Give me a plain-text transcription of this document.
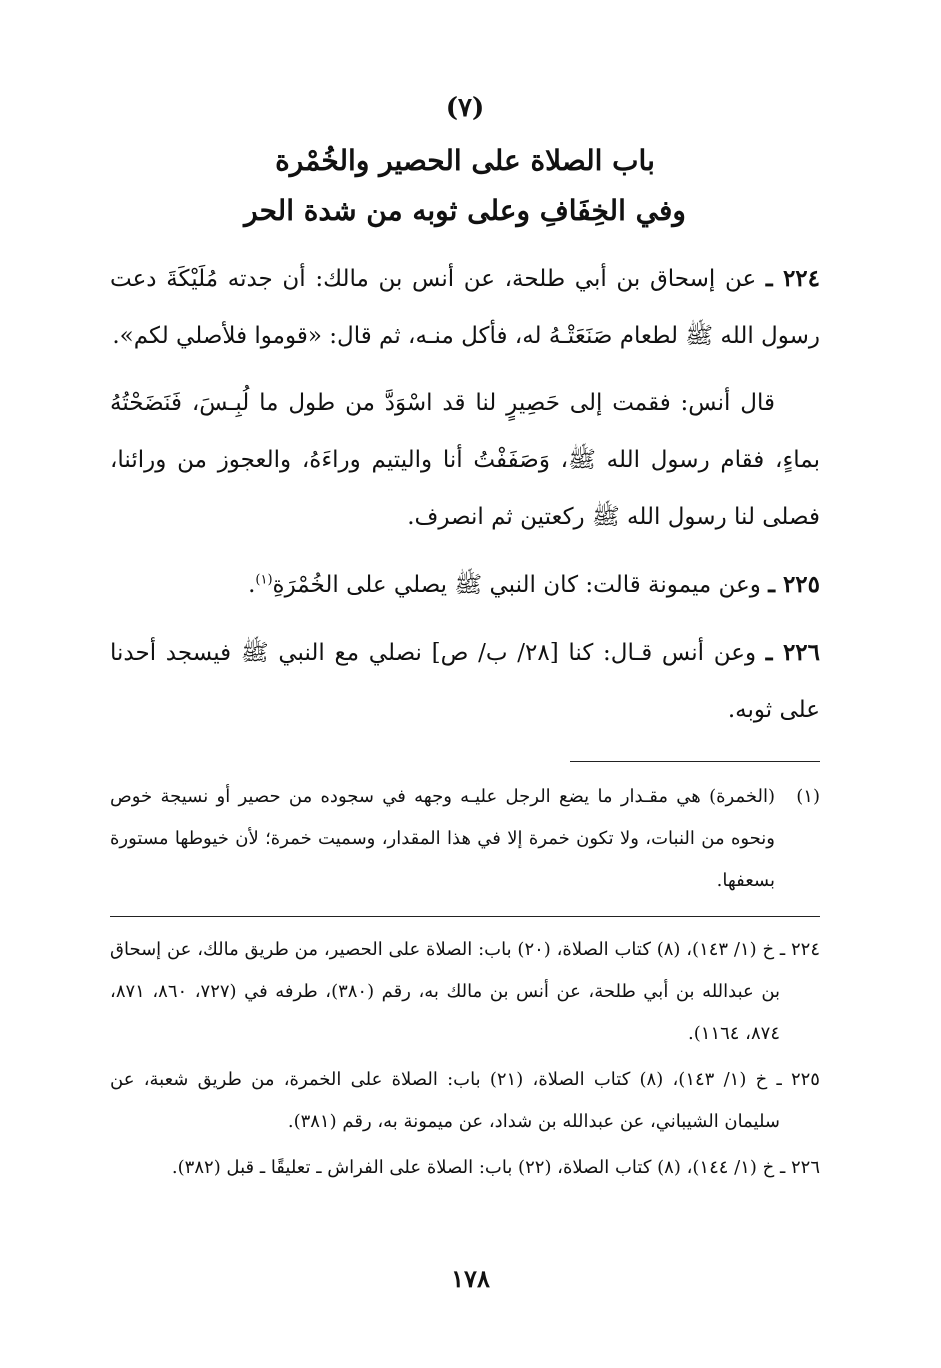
(٧)
باب الصلاة على الحصير والخُمْرة
وفي الخِفَافِ وعلى ثوبه من شدة الحر

٢٢٤ ـ عن إسحاق بن أبي طلحة، عن أنس بن مالك: أن جدته مُلَيْكَةَ دعت رسول الله ﷺ لطعام صَنَعَتْـهُ له، فأكل منـه، ثم قال: «قوموا فلأصلي لكم».

قال أنس: فقمت إلى حَصِيرٍ لنا قد اسْوَدَّ من طول ما لُبِـسَ، فَنَضَحْتُهُ بماءٍ، فقام رسول الله ﷺ، وَصَفَفْتُ أنا واليتيم وراءَهُ، والعجوز من ورائنا، فصلى لنا رسول الله ﷺ ركعتين ثم انصرف.

٢٢٥ ـ وعن ميمونة قالت: كان النبي ﷺ يصلي على الخُمْرَةِ$^{(١)}$.

٢٢٦ ـ وعن أنس قـال: كنا [٢٨/ ب/ ص] نصلي مع النبي ﷺ فيسجد أحدنا على ثوبه.

(١)(الخمرة) هي مقـدار ما يضع الرجل عليـه وجهه في سجوده من حصير أو نسيجة خوص ونحوه من النبات، ولا تكون خمرة إلا في هذا المقدار، وسميت خمرة؛ لأن خيوطها مستورة بسعفها.
٢٢٤ ـ خ (١/ ١٤٣)، (٨) كتاب الصلاة، (٢٠) باب: الصلاة على الحصير، من طريق مالك، عن إسحاق بن عبدالله بن أبي طلحة، عن أنس بن مالك به، رقم (٣٨٠)، طرفه في (٧٢٧، ٨٦٠، ٨٧١، ٨٧٤، ١١٦٤).
٢٢٥ ـ خ (١/ ١٤٣)، (٨) كتاب الصلاة، (٢١) باب: الصلاة على الخمرة، من طريق شعبة، عن سليمان الشيباني، عن عبدالله بن شداد، عن ميمونة به، رقم (٣٨١).
٢٢٦ ـ خ (١/ ١٤٤)، (٨) كتاب الصلاة، (٢٢) باب: الصلاة على الفراش ـ تعليقًا ـ قبل (٣٨٢).
١٧٨
